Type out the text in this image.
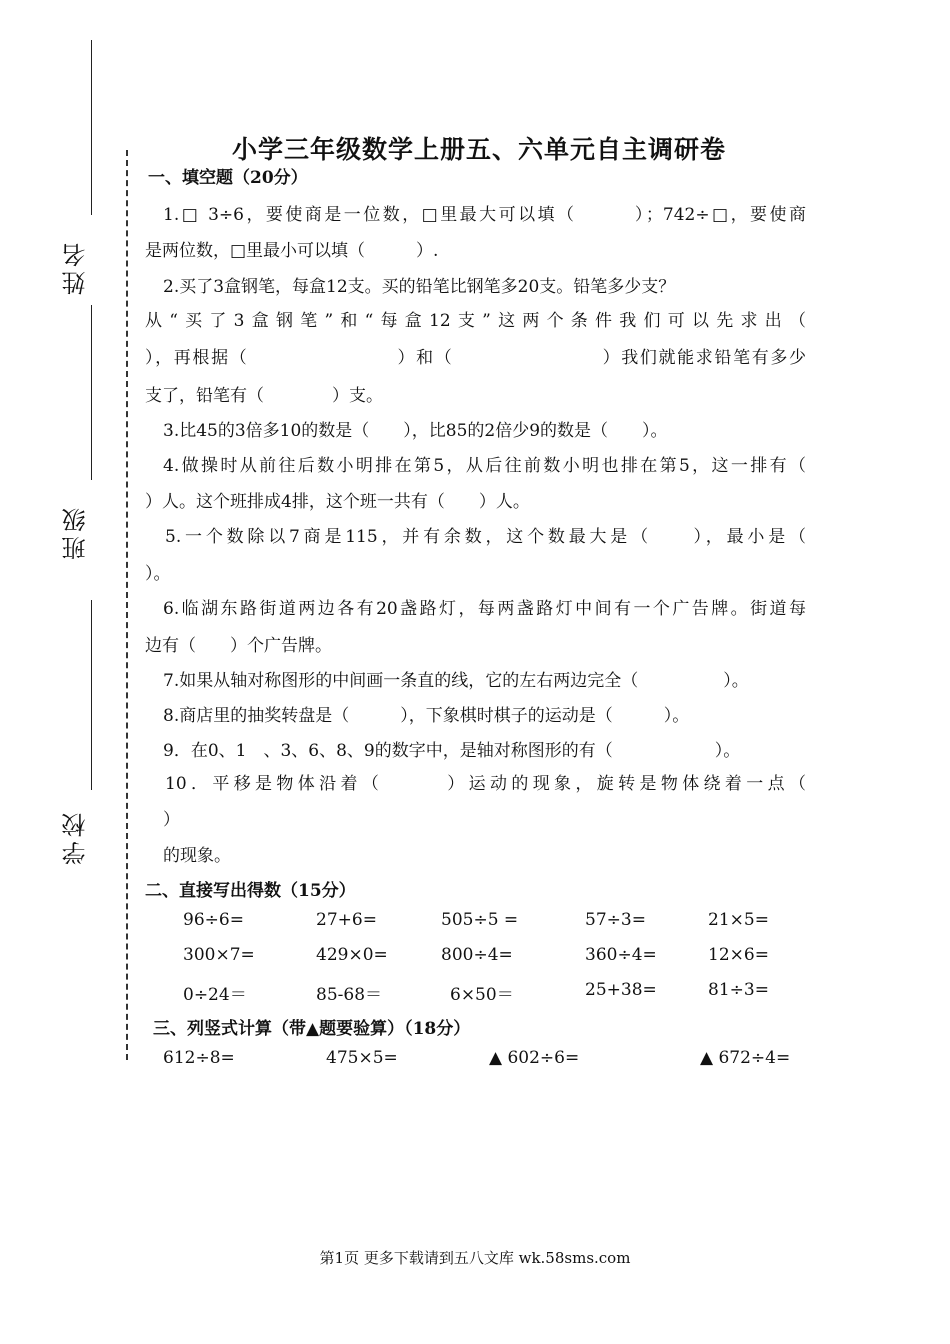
姓名
班级
学校
小学三年级数学上册五、六单元自主调研卷
一、填空题（20分）
1.□ 3÷6，要使商是一位数，□里最大可以填（　　　）；742÷□，要使商
是两位数，□里最小可以填（　　　）.
2.买了3盒钢笔，每盒12支。买的铅笔比钢笔多20支。铅笔多少支？
从“买了3盒钢笔”和“每盒12支”这两个条件我们可以先求出（
），再根据（　　　　　　　　）和（　　　　　　　　）我们就能求铅笔有多少
支了，铅笔有（　　　　）支。
3.比45的3倍多10的数是（　　），比85的2倍少9的数是（　　）。
4.做操时从前往后数小明排在第5，从后往前数小明也排在第5，这一排有（
）人。这个班排成4排，这个班一共有（　　）人。
5.一个数除以7商是115，并有余数，这个数最大是（　　），最小是（
）。
6.临湖东路街道两边各有20盏路灯，每两盏路灯中间有一个广告牌。街道每
边有（　　）个广告牌。
7.如果从轴对称图形的中间画一条直的线，它的左右两边完全（　　　　　）。
8.商店里的抽奖转盘是（　　　），下象棋时棋子的运动是（　　　）。
9．在0、1　、3、6、8、9的数字中，是轴对称图形的有（　　　　　　）。
10．平移是物体沿着（　　　）运动的现象，旋转是物体绕着一点（
）
的现象。
二、直接写出得数（15分）
96÷6=	27+6=	505÷5 =	57÷3=	21×5=
300×7=	429×0=	800÷4=	360÷4=	12×6=
0÷24＝	85-68＝	6×50＝	25+38=	81÷3=
三、列竖式计算（带▲题要验算）（18分）
612÷8=	475×5=	▲ 602÷6=	▲ 672÷4=
第1页 更多下载请到五八文库 wk.58sms.com
